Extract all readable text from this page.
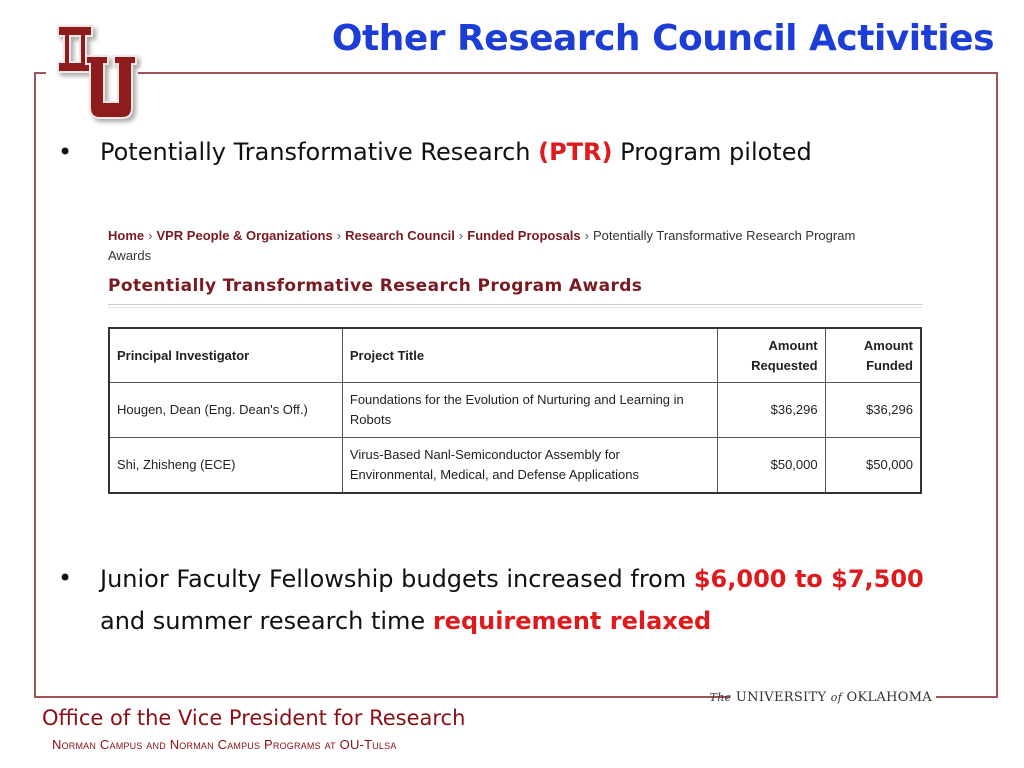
Other Research Council Activities
• Potentially Transformative Research (PTR) Program piloted
Home › VPR People & Organizations › Research Council › Funded Proposals › Potentially Transformative Research Program Awards
Potentially Transformative Research Program Awards
Principal Investigator	Project Title	Amount Requested	Amount Funded
Hougen, Dean (Eng. Dean's Off.)	Foundations for the Evolution of Nurturing and Learning in Robots	$36,296	$36,296
Shi, Zhisheng (ECE)	Virus-Based Nanl-Semiconductor Assembly for Environmental, Medical, and Defense Applications	$50,000	$50,000
• Junior Faculty Fellowship budgets increased from $6,000 to $7,500 and summer research time requirement relaxed
The UNIVERSITY of OKLAHOMA
Office of the Vice President for Research
Norman Campus and Norman Campus Programs at OU-Tulsa
